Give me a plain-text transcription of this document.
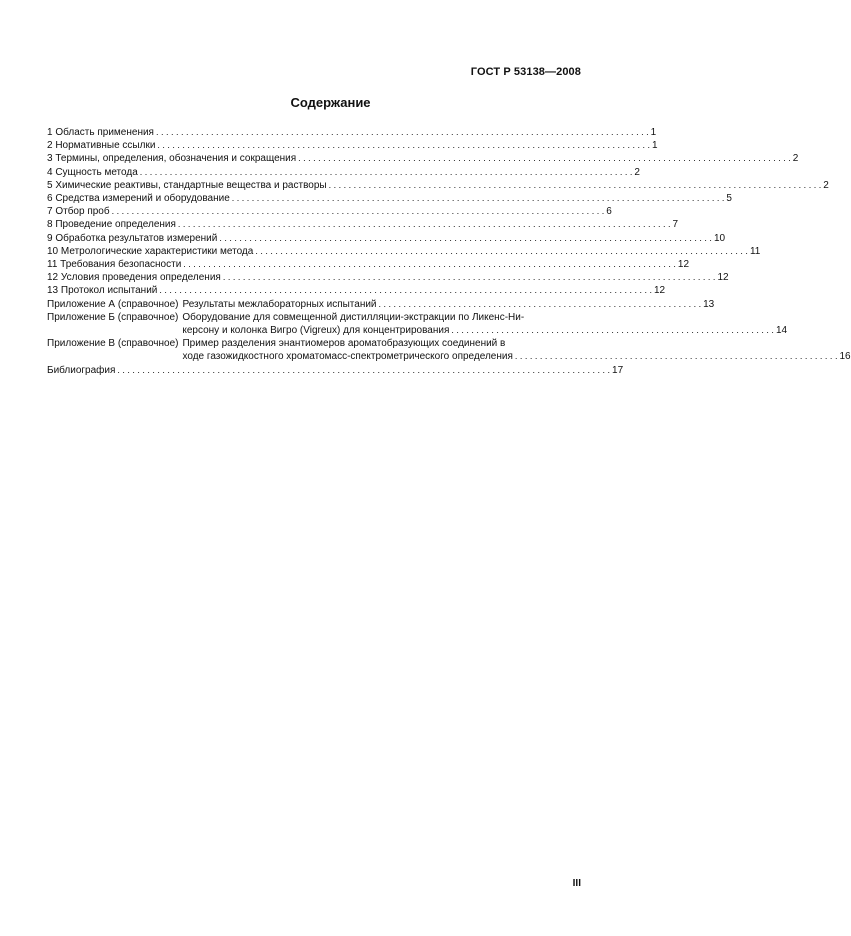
ГОСТ Р 53138—2008
Содержание
1 Область применения . . .	1
2 Нормативные ссылки . . .	1
3 Термины, определения, обозначения и сокращения . . .	2
4 Сущность метода . . .	2
5 Химические реактивы, стандартные вещества и растворы . . .	2
6 Средства измерений и оборудование . . .	5
7 Отбор проб . . .	6
8 Проведение определения . . .	7
9 Обработка результатов измерений . . .	10
10 Метрологические характеристики метода . . .	11
11 Требования безопасности . . .	12
12 Условия проведения определения . . .	12
13 Протокол испытаний . . .	12
Приложение А (справочное) Результаты межлабораторных испытаний . . .	13
Приложение Б (справочное) Оборудование для совмещенной дистилляции-экстракции по Ликенс-Ни-
керсону и колонка Вигро (Vigreux) для концентрирования . . .	14
Приложение В (справочное) Пример разделения энантиомеров ароматобразующих соединений в
ходе газожидкостного хроматомасс-спектрометрического определения . . .	16
Библиография . . .	17
III
